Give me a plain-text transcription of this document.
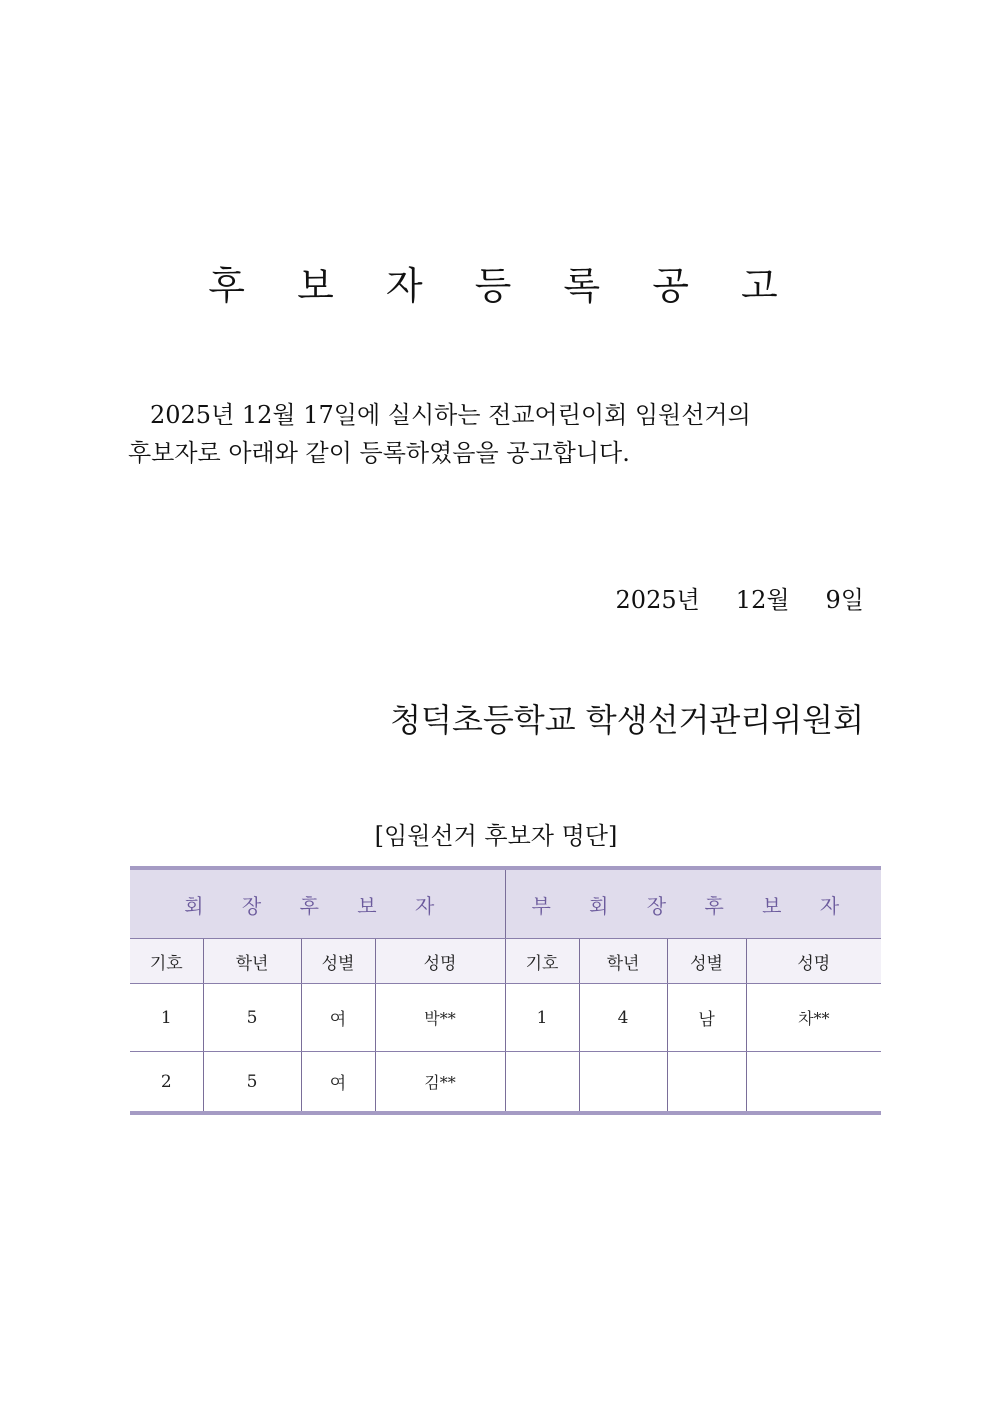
후 보 자 등 록 공 고
2025년 12월 17일에 실시하는 전교어린이회 임원선거의
후보자로 아래와 같이 등록하였음을 공고합니다.
2025년 12월 9일
청덕초등학교 학생선거관리위원회
[임원선거 후보자 명단]
회 장 후 보 자				부 회 장 후 보 자			
기호	학년	성별	성명	기호	학년	성별	성명
1	5	여	박**	1	4	남	차**
2	5	여	김**				
